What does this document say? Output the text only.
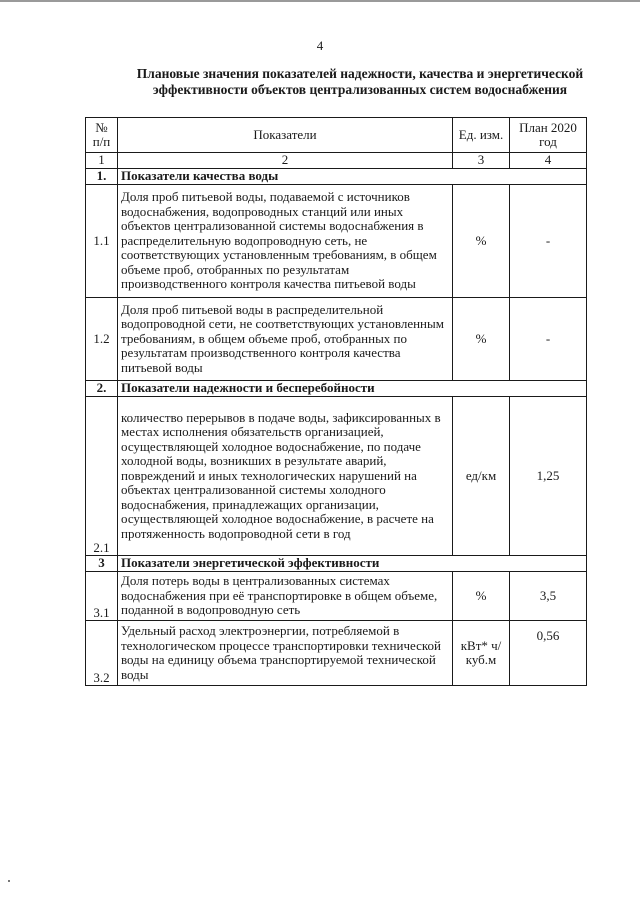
4
Плановые значения показателей надежности, качества и энергетической
эффективности объектов централизованных систем водоснабжения
№ п/п	Показатели	Ед. изм.	План 2020 год
1	2	3	4
1.	Показатели качества воды		
1.1	Доля проб питьевой воды, подаваемой с источников водоснабжения, водопроводных станций или иных объектов централизованной системы водоснабжения в распределительную водопроводную сеть, не соответствующих установленным требованиям, в общем объеме проб, отобранных по результатам производственного контроля качества питьевой воды	%	-
1.2	Доля проб питьевой воды в распределительной водопроводной сети, не соответствующих установленным требованиям, в общем объеме проб, отобранных по результатам производственного контроля качества питьевой воды	%	-
2.	Показатели надежности и бесперебойности		
2.1	количество перерывов в подаче воды, зафиксированных в местах исполнения обязательств организацией, осуществляющей холодное водоснабжение, по подаче холодной воды, возникших в результате аварий, повреждений и иных технологических нарушений на объектах централизованной системы холодного водоснабжения, принадлежащих организации, осуществляющей холодное водоснабжение, в расчете на протяженность водопроводной сети в год	ед/км	1,25
3	Показатели энергетической эффективности		
3.1	Доля потерь воды в централизованных системах водоснабжения при её транспортировке в общем объеме, поданной в водопроводную сеть	%	3,5
3.2	Удельный расход электроэнергии, потребляемой в технологическом процессе транспортировки технической воды на единицу объема транспортируемой технической воды	кВт* ч/ куб.м	0,56
